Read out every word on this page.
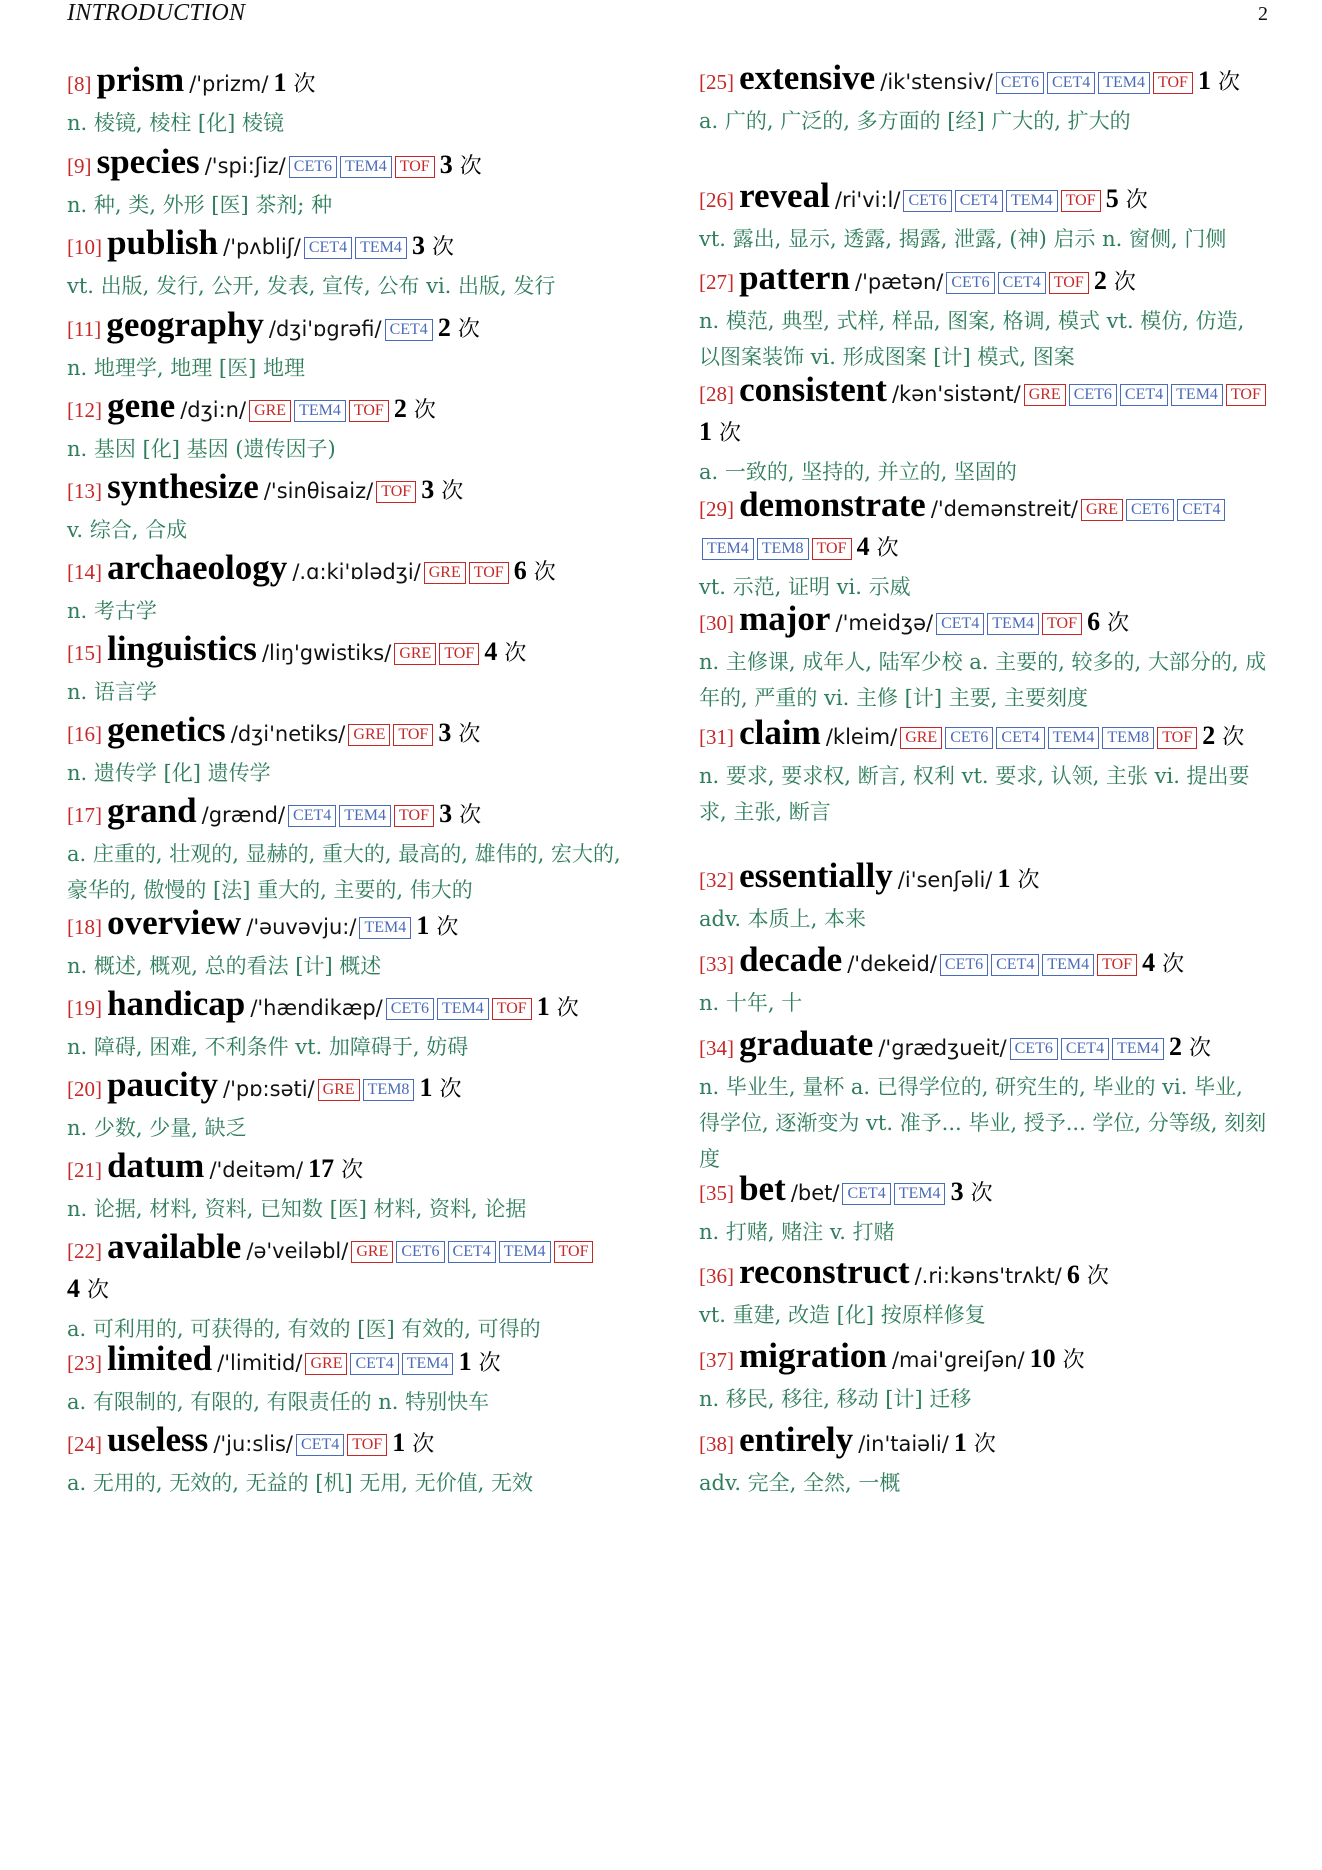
INTRODUCTION	2
[8] prism /'prizm/ 1 次
n. 棱镜, 棱柱 [化] 棱镜
[9] species /'spi:ʃiz/ CET6 TEM4 TOF 3 次
n. 种, 类, 外形 [医] 茶剂; 种
[10] publish /'pʌbliʃ/ CET4 TEM4 3 次
vt. 出版, 发行, 公开, 发表, 宣传, 公布 vi. 出版, 发行
[11] geography /dʒi'ɒgrəfi/ CET4 2 次
n. 地理学, 地理 [医] 地理
[12] gene /dʒi:n/ GRE TEM4 TOF 2 次
n. 基因 [化] 基因 (遗传因子)
[13] synthesize /'sinθisaiz/ TOF 3 次
v. 综合, 合成
[14] archaeology /.ɑ:ki'ɒlədʒi/ GRE TOF 6 次
n. 考古学
[15] linguistics /liŋ'gwistiks/ GRE TOF 4 次
n. 语言学
[16] genetics /dʒi'netiks/ GRE TOF 3 次
n. 遗传学 [化] 遗传学
[17] grand /grænd/ CET4 TEM4 TOF 3 次
a. 庄重的, 壮观的, 显赫的, 重大的, 最高的, 雄伟的, 宏大的, 豪华的, 傲慢的 [法] 重大的, 主要的, 伟大的
[18] overview /'əuvəvju:/ TEM4 1 次
n. 概述, 概观, 总的看法 [计] 概述
[19] handicap /'hændikæp/ CET6 TEM4 TOF 1 次
n. 障碍, 困难, 不利条件 vt. 加障碍于, 妨碍
[20] paucity /'pɒ:səti/ GRE TEM8 1 次
n. 少数, 少量, 缺乏
[21] datum /'deitəm/ 17 次
n. 论据, 材料, 资料, 已知数 [医] 材料, 资料, 论据
[22] available /ə'veiləbl/ GRE CET6 CET4 TEM4 TOF 4 次
a. 可利用的, 可获得的, 有效的 [医] 有效的, 可得的
[23] limited /'limitid/ GRE CET4 TEM4 1 次
a. 有限制的, 有限的, 有限责任的 n. 特别快车
[24] useless /'ju:slis/ CET4 TOF 1 次
a. 无用的, 无效的, 无益的 [机] 无用, 无价值, 无效
[25] extensive /ik'stensiv/ CET6 CET4 TEM4 TOF 1 次
a. 广的, 广泛的, 多方面的 [经] 广大的, 扩大的
[26] reveal /ri'vi:l/ CET6 CET4 TEM4 TOF 5 次
vt. 露出, 显示, 透露, 揭露, 泄露, (神) 启示 n. 窗侧, 门侧
[27] pattern /'pætən/ CET6 CET4 TOF 2 次
n. 模范, 典型, 式样, 样品, 图案, 格调, 模式 vt. 模仿, 仿造, 以图案装饰 vi. 形成图案 [计] 模式, 图案
[28] consistent /kən'sistənt/ GRE CET6 CET4 TEM4 TOF 1 次
a. 一致的, 坚持的, 并立的, 坚固的
[29] demonstrate /'demənstreit/ GRE CET6 CET4TEM4 TEM8 TOF 4 次
vt. 示范, 证明 vi. 示威
[30] major /'meidʒə/ CET4 TEM4 TOF 6 次
n. 主修课, 成年人, 陆军少校 a. 主要的, 较多的, 大部分的, 成年的, 严重的 vi. 主修 [计] 主要, 主要刻度
[31] claim /kleim/ GRE CET6 CET4 TEM4 TEM8 TOF 2 次
n. 要求, 要求权, 断言, 权利 vt. 要求, 认领, 主张 vi. 提出要求, 主张, 断言
[32] essentially /i'senʃəli/ 1 次
adv. 本质上, 本来
[33] decade /'dekeid/ CET6 CET4 TEM4 TOF 4 次
n. 十年, 十
[34] graduate /'grædʒueit/ CET6 CET4 TEM4 2 次
n. 毕业生, 量杯 a. 已得学位的, 研究生的, 毕业的 vi. 毕业, 得学位, 逐渐变为 vt. 准予... 毕业, 授予... 学位, 分等级, 刻刻度
[35] bet /bet/ CET4 TEM4 3 次
n. 打赌, 赌注 v. 打赌
[36] reconstruct /.ri:kəns'trʌkt/ 6 次
vt. 重建, 改造 [化] 按原样修复
[37] migration /mai'greiʃən/ 10 次
n. 移民, 移往, 移动 [计] 迁移
[38] entirely /in'taiəli/ 1 次
adv. 完全, 全然, 一概
